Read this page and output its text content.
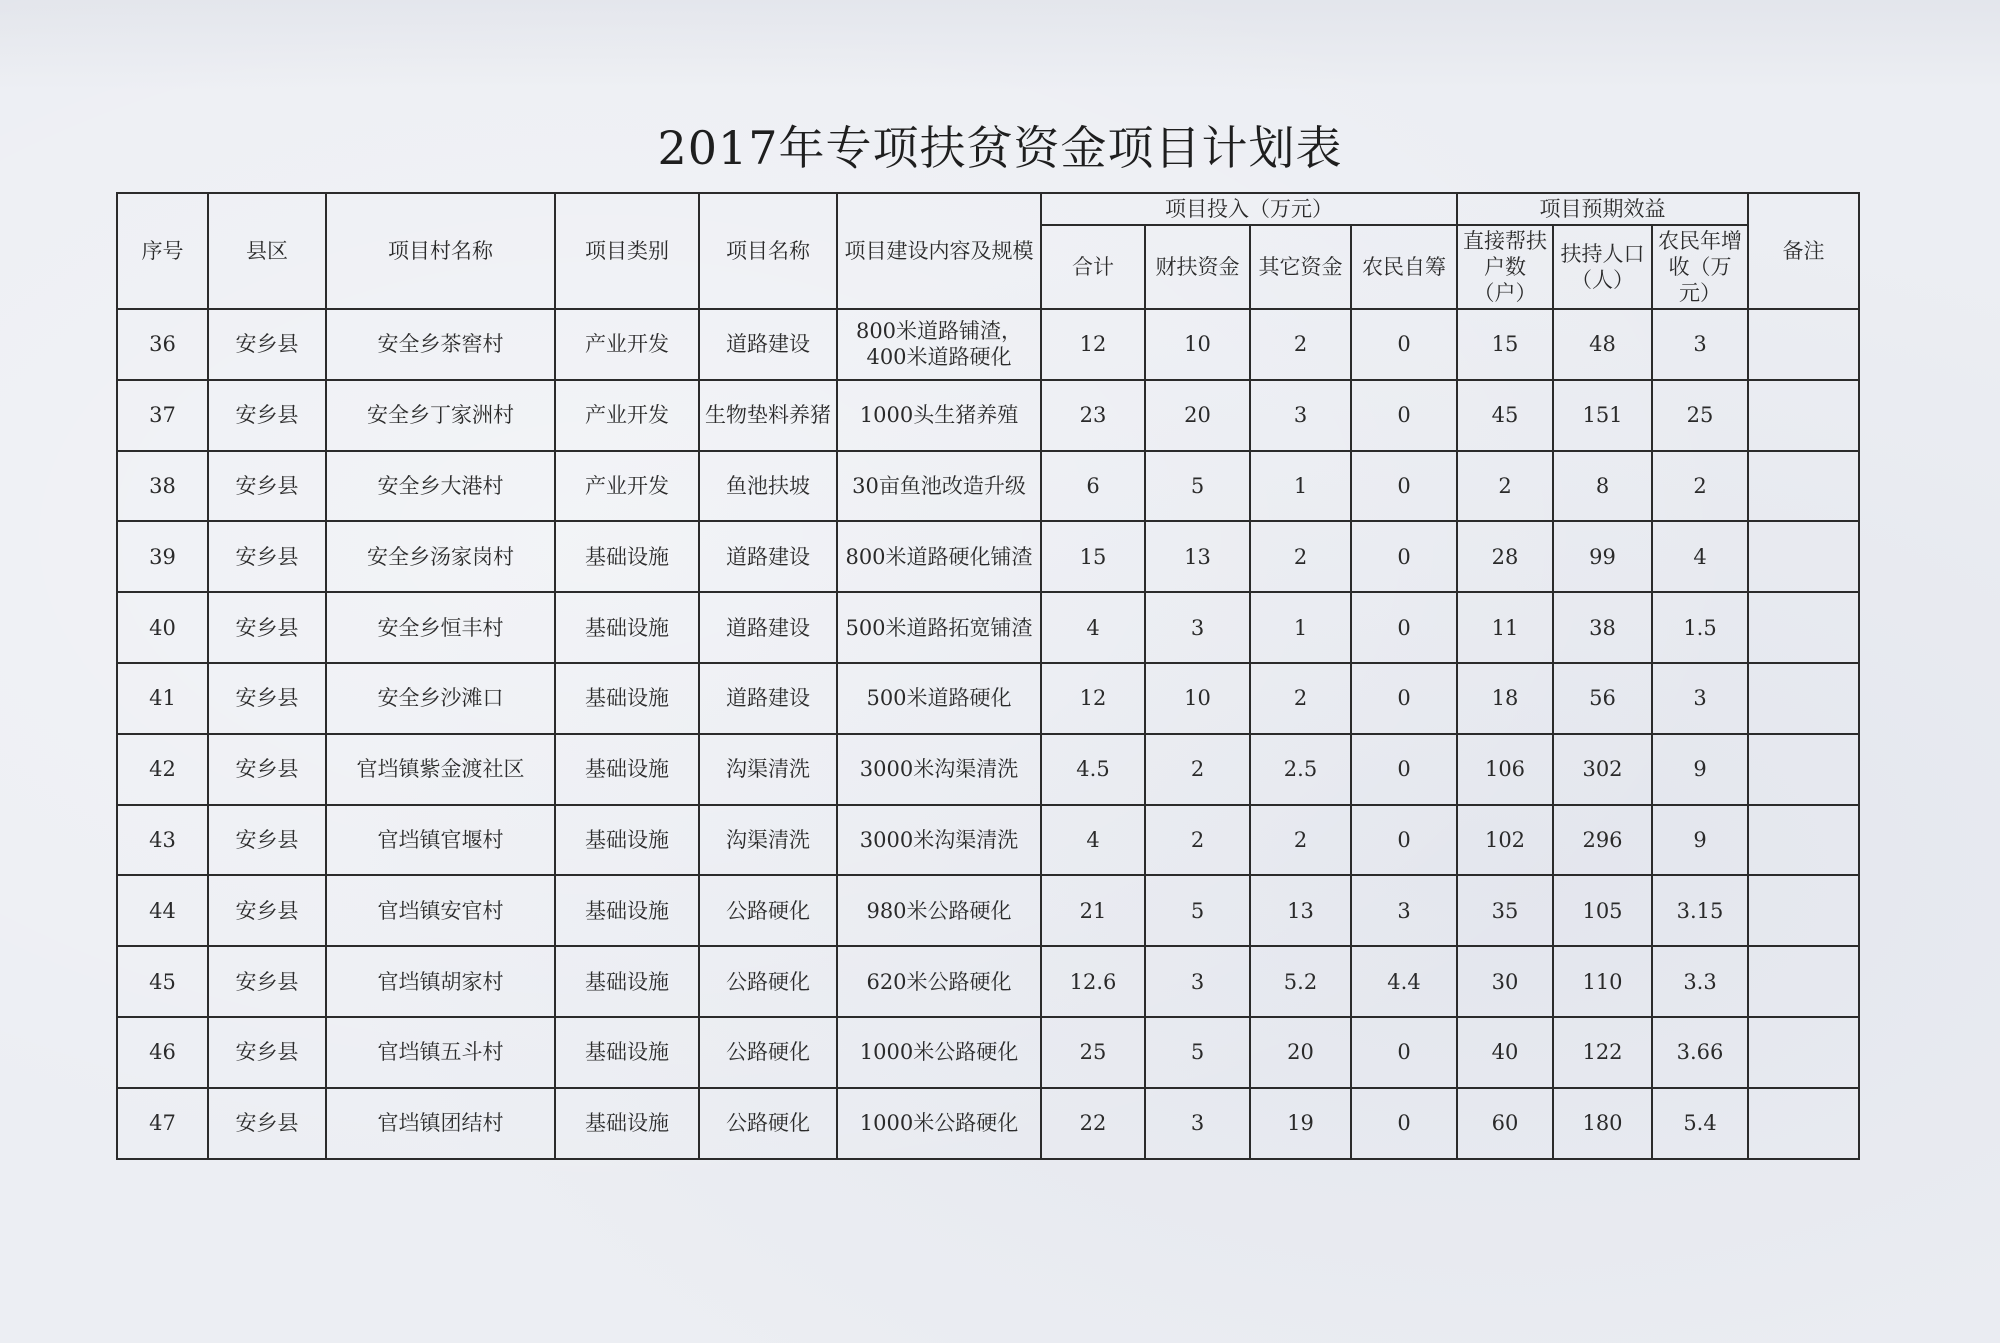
2017年专项扶贫资金项目计划表
序号	县区	项目村名称	项目类别	项目名称	项目建设内容及规模	项目投入（万元）				项目预期效益			备注
						合计	财扶资金	其它资金	农民自筹	直接帮扶户数（户）	扶持人口（人）	农民年增收（万元）	
36	安乡县	安全乡茶窖村	产业开发	道路建设	800米道路铺渣，400米道路硬化	12	10	2	0	15	48	3	
37	安乡县	安全乡丁家洲村	产业开发	生物垫料养猪	1000头生猪养殖	23	20	3	0	45	151	25	
38	安乡县	安全乡大港村	产业开发	鱼池扶坡	30亩鱼池改造升级	6	5	1	0	2	8	2	
39	安乡县	安全乡汤家岗村	基础设施	道路建设	800米道路硬化铺渣	15	13	2	0	28	99	4	
40	安乡县	安全乡恒丰村	基础设施	道路建设	500米道路拓宽铺渣	4	3	1	0	11	38	1.5	
41	安乡县	安全乡沙滩口	基础设施	道路建设	500米道路硬化	12	10	2	0	18	56	3	
42	安乡县	官垱镇紫金渡社区	基础设施	沟渠清洗	3000米沟渠清洗	4.5	2	2.5	0	106	302	9	
43	安乡县	官垱镇官堰村	基础设施	沟渠清洗	3000米沟渠清洗	4	2	2	0	102	296	9	
44	安乡县	官垱镇安官村	基础设施	公路硬化	980米公路硬化	21	5	13	3	35	105	3.15	
45	安乡县	官垱镇胡家村	基础设施	公路硬化	620米公路硬化	12.6	3	5.2	4.4	30	110	3.3	
46	安乡县	官垱镇五斗村	基础设施	公路硬化	1000米公路硬化	25	5	20	0	40	122	3.66	
47	安乡县	官垱镇团结村	基础设施	公路硬化	1000米公路硬化	22	3	19	0	60	180	5.4	
